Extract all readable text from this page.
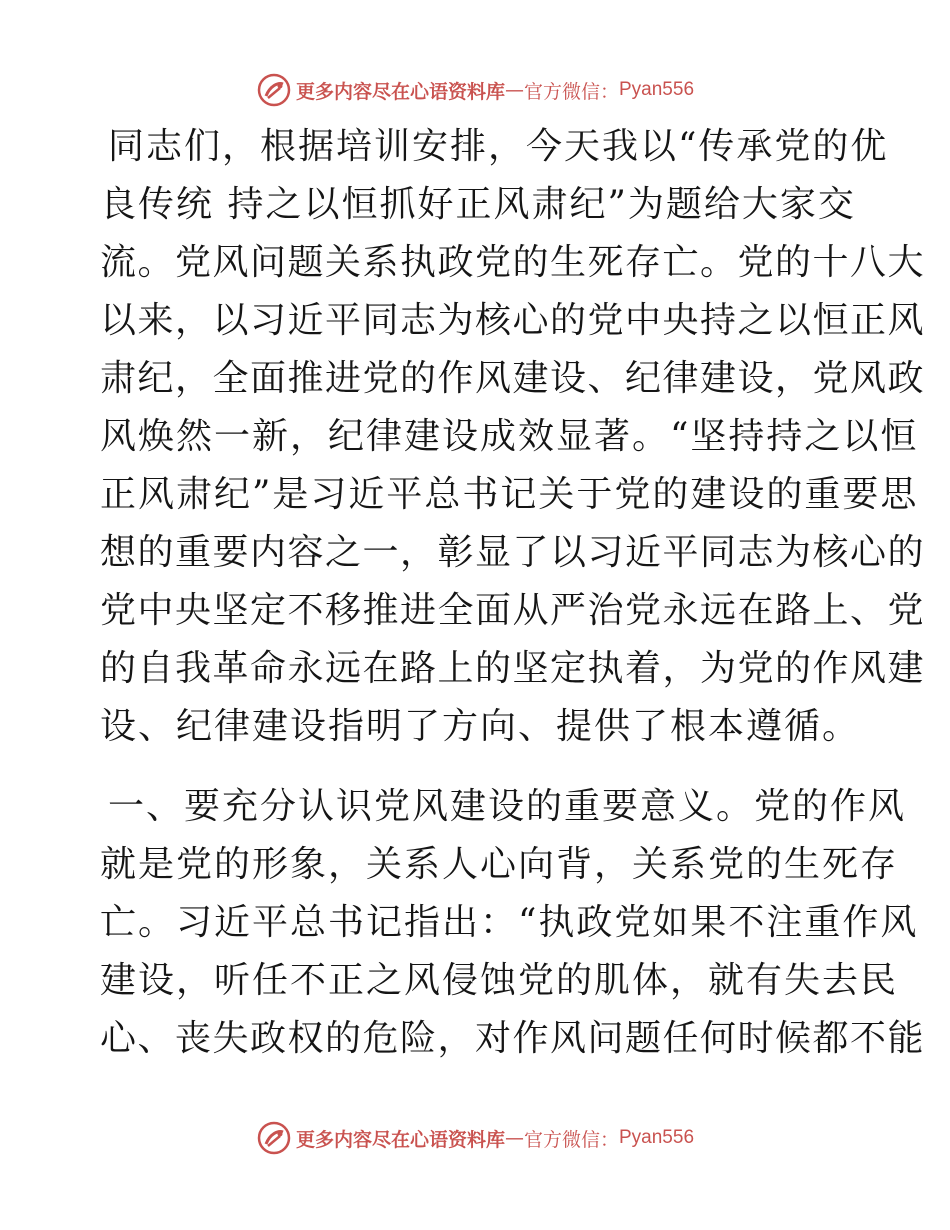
更多内容尽在心语资料库 — 官方微信： Pyan556
同志们，根据培训安排，今天我以“传承党的优
良传统 持之以恒抓好正风肃纪”为题给大家交
流。党风问题关系执政党的生死存亡。党的十八大
以来，以习近平同志为核心的党中央持之以恒正风
肃纪，全面推进党的作风建设、纪律建设，党风政
风焕然一新，纪律建设成效显著。“坚持持之以恒
正风肃纪”是习近平总书记关于党的建设的重要思
想的重要内容之一，彰显了以习近平同志为核心的
党中央坚定不移推进全面从严治党永远在路上、党
的自我革命永远在路上的坚定执着，为党的作风建
设、纪律建设指明了方向、提供了根本遵循。
一、要充分认识党风建设的重要意义。党的作风
就是党的形象，关系人心向背，关系党的生死存
亡。习近平总书记指出：“执政党如果不注重作风
建设，听任不正之风侵蚀党的肌体，就有失去民
心、丧失政权的危险，对作风问题任何时候都不能
更多内容尽在心语资料库 — 官方微信： Pyan556
